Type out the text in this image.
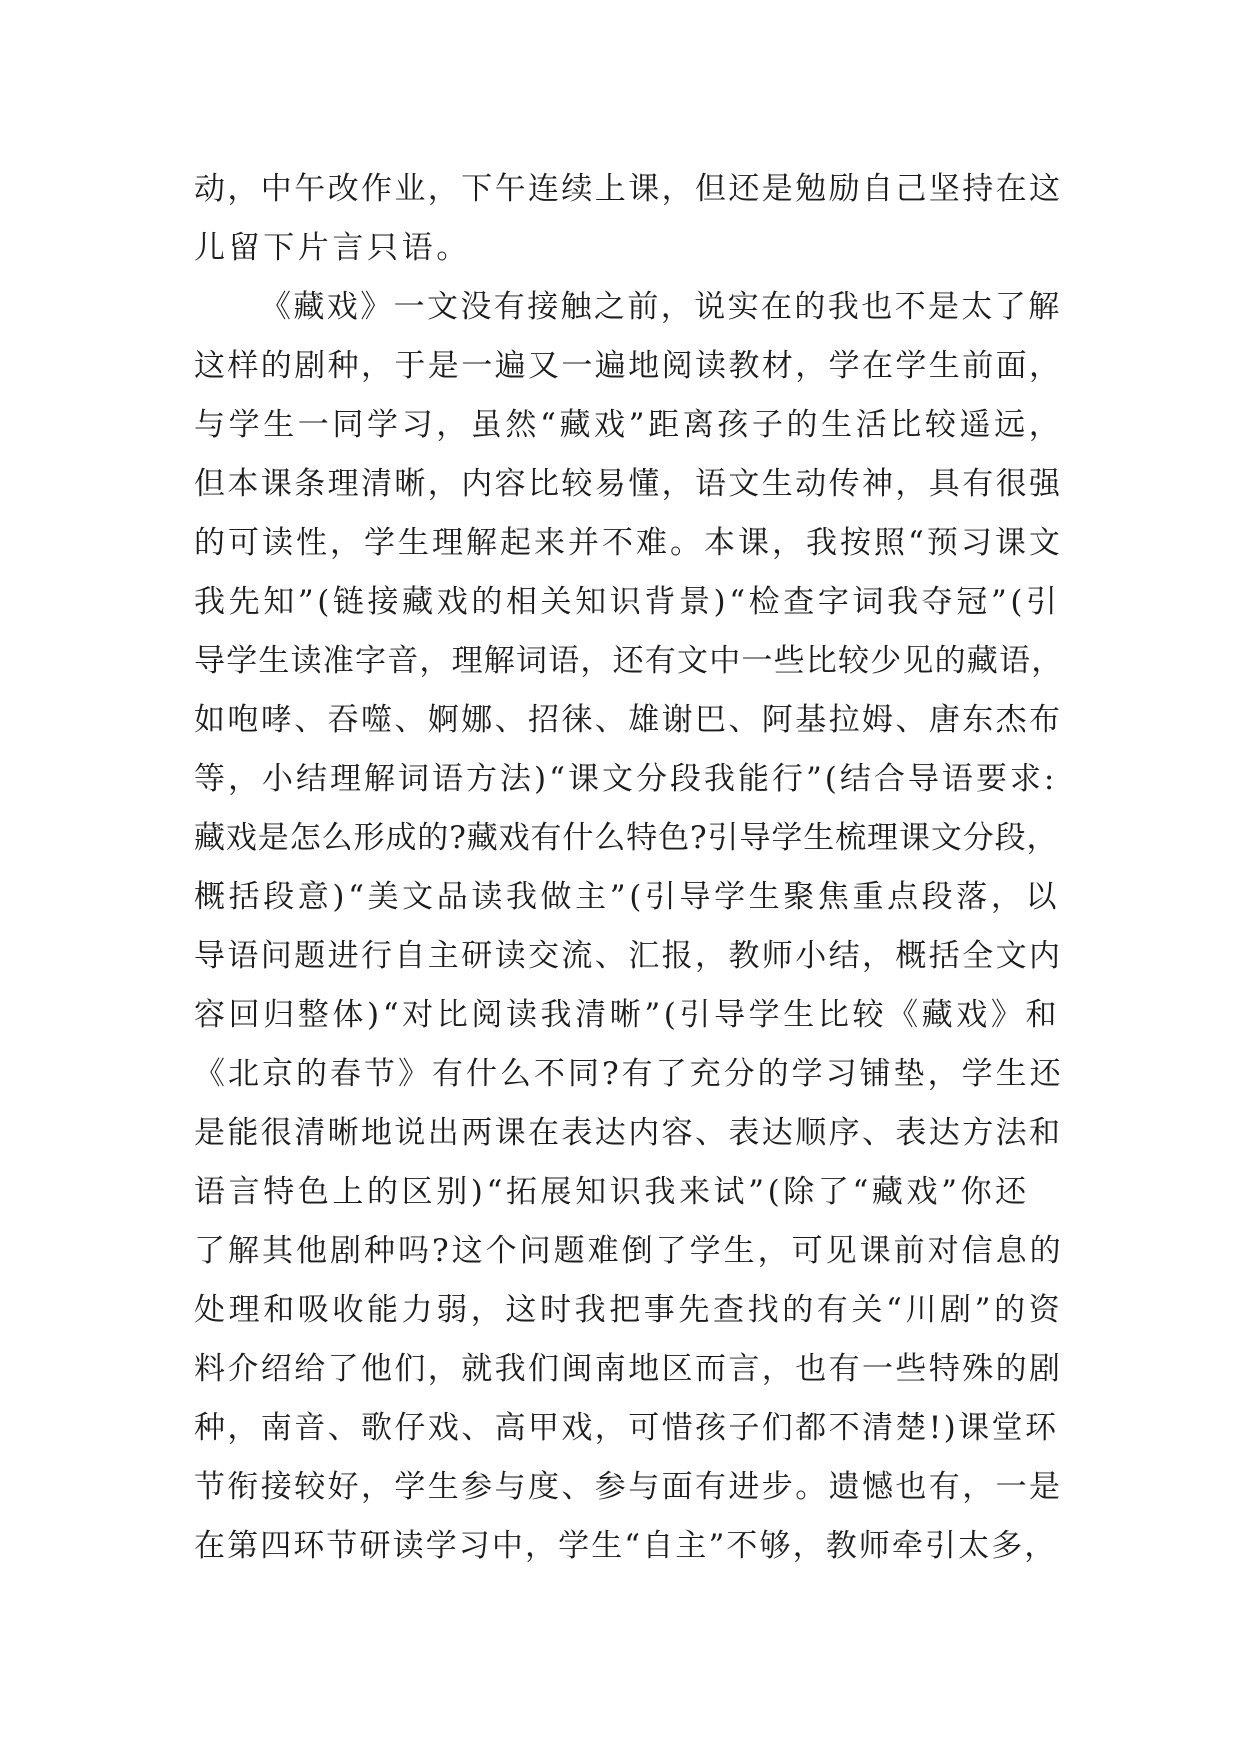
动，中午改作业，下午连续上课，但还是勉励自己坚持在这
儿留下片言只语。
《藏戏》一文没有接触之前，说实在的我也不是太了解
这样的剧种，于是一遍又一遍地阅读教材，学在学生前面，
与学生一同学习，虽然“藏戏”距离孩子的生活比较遥远，
但本课条理清晰，内容比较易懂，语文生动传神，具有很强
的可读性，学生理解起来并不难。本课，我按照“预习课文
我先知”(链接藏戏的相关知识背景)“检查字词我夺冠”(引
导学生读准字音，理解词语，还有文中一些比较少见的藏语，
如咆哮、吞噬、婀娜、招徕、雄谢巴、阿基拉姆、唐东杰布
等，小结理解词语方法)“课文分段我能行”(结合导语要求:
藏戏是怎么形成的?藏戏有什么特色?引导学生梳理课文分段，
概括段意)“美文品读我做主”(引导学生聚焦重点段落，以
导语问题进行自主研读交流、汇报，教师小结，概括全文内
容回归整体)“对比阅读我清晰”(引导学生比较《藏戏》和
《北京的春节》有什么不同?有了充分的学习铺垫，学生还
是能很清晰地说出两课在表达内容、表达顺序、表达方法和
语言特色上的区别)“拓展知识我来试”(除了“藏戏”你还
了解其他剧种吗?这个问题难倒了学生，可见课前对信息的
处理和吸收能力弱，这时我把事先查找的有关“川剧”的资
料介绍给了他们，就我们闽南地区而言，也有一些特殊的剧
种，南音、歌仔戏、高甲戏，可惜孩子们都不清楚!)课堂环
节衔接较好，学生参与度、参与面有进步。遗憾也有，一是
在第四环节研读学习中，学生“自主”不够，教师牵引太多，
